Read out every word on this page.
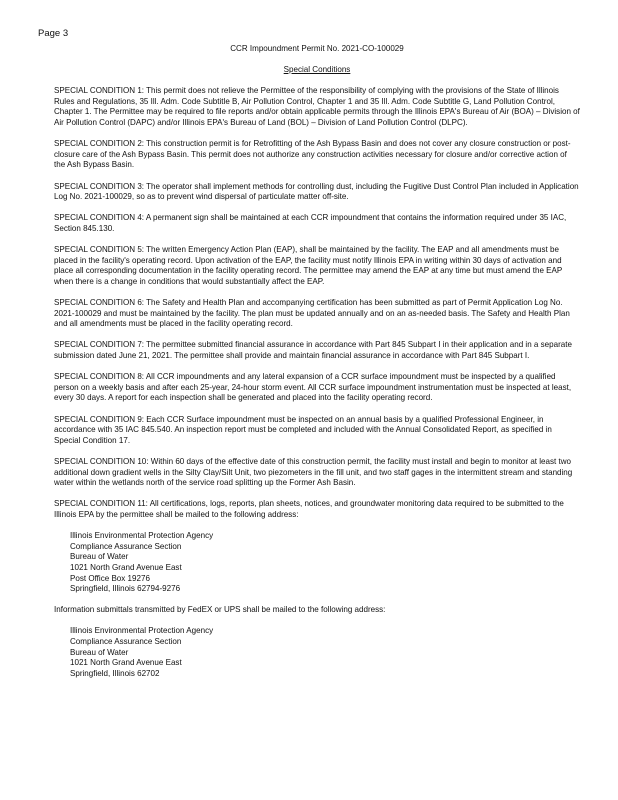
Page 3
CCR Impoundment Permit No. 2021-CO-100029
Special Conditions

SPECIAL CONDITION 1: This permit does not relieve the Permittee of the responsibility of complying with the provisions of the State of Illinois Rules and Regulations, 35 Ill. Adm. Code Subtitle B, Air Pollution Control, Chapter 1 and 35 Ill. Adm. Code Subtitle G, Land Pollution Control, Chapter 1. The Permittee may be required to file reports and/or obtain applicable permits through the Illinois EPA's Bureau of Air (BOA) – Division of Air Pollution Control (DAPC) and/or Illinois EPA's Bureau of Land (BOL) – Division of Land Pollution Control (DLPC).

SPECIAL CONDITION 2: This construction permit is for Retrofitting of the Ash Bypass Basin and does not cover any closure construction or post-closure care of the Ash Bypass Basin. This permit does not authorize any construction activities necessary for closure and/or corrective action of the Ash Bypass Basin.

SPECIAL CONDITION 3: The operator shall implement methods for controlling dust, including the Fugitive Dust Control Plan included in Application Log No. 2021-100029, so as to prevent wind dispersal of particulate matter off-site.

SPECIAL CONDITION 4: A permanent sign shall be maintained at each CCR impoundment that contains the information required under 35 IAC, Section 845.130.

SPECIAL CONDITION 5: The written Emergency Action Plan (EAP), shall be maintained by the facility. The EAP and all amendments must be placed in the facility's operating record. Upon activation of the EAP, the facility must notify Illinois EPA in writing within 30 days of activation and place all corresponding documentation in the facility operating record. The permittee may amend the EAP at any time but must amend the EAP when there is a change in conditions that would substantially affect the EAP.

SPECIAL CONDITION 6: The Safety and Health Plan and accompanying certification has been submitted as part of Permit Application Log No. 2021-100029 and must be maintained by the facility. The plan must be updated annually and on an as-needed basis. The Safety and Health Plan and all amendments must be placed in the facility operating record.

SPECIAL CONDITION 7: The permittee submitted financial assurance in accordance with Part 845 Subpart I in their application and in a separate submission dated June 21, 2021. The permittee shall provide and maintain financial assurance in accordance with Part 845 Subpart I.

SPECIAL CONDITION 8: All CCR impoundments and any lateral expansion of a CCR surface impoundment must be inspected by a qualified person on a weekly basis and after each 25-year, 24-hour storm event. All CCR surface impoundment instrumentation must be inspected at least, every 30 days. A report for each inspection shall be generated and placed into the facility operating record.

SPECIAL CONDITION 9: Each CCR Surface impoundment must be inspected on an annual basis by a qualified Professional Engineer, in accordance with 35 IAC 845.540. An inspection report must be completed and included with the Annual Consolidated Report, as specified in Special Condition 17.

SPECIAL CONDITION 10: Within 60 days of the effective date of this construction permit, the facility must install and begin to monitor at least two additional down gradient wells in the Silty Clay/Silt Unit, two piezometers in the fill unit, and two staff gages in the intermittent stream and standing water within the wetlands north of the service road splitting up the Former Ash Basin.

SPECIAL CONDITION 11: All certifications, logs, reports, plan sheets, notices, and groundwater monitoring data required to be submitted to the Illinois EPA by the permittee shall be mailed to the following address:

Illinois Environmental Protection Agency
Compliance Assurance Section
Bureau of Water
1021 North Grand Avenue East
Post Office Box 19276
Springfield, Illinois 62794-9276

Information submittals transmitted by FedEX or UPS shall be mailed to the following address:

Illinois Environmental Protection Agency
Compliance Assurance Section
Bureau of Water
1021 North Grand Avenue East
Springfield, Illinois 62702
